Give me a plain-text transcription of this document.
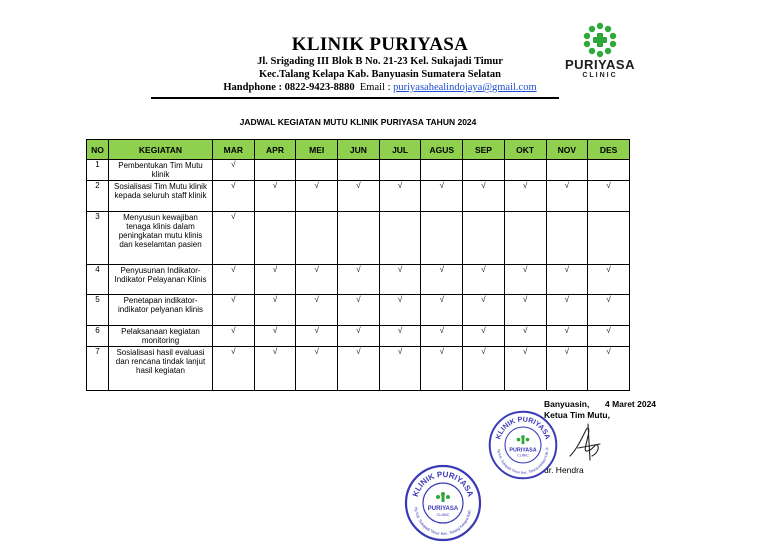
KLINIK PURIYASA
Jl. Srigading III Blok B No. 21-23 Kel. Sukajadi Timur
Kec.Talang Kelapa Kab. Banyuasin Sumatera Selatan
Handphone : 0822-9423-8880 Email : puriyasahealindojaya@gmail.com
PURIYASA
CLINIC
JADWAL KEGIATAN MUTU KLINIK PURIYASA TAHUN 2024
NO	KEGIATAN	MAR	APR	MEI	JUN	JUL	AGUS	SEP	OKT	NOV	DES
1	Pembentukan Tim Mutu klinik	√									
2	Sosialisasi Tim Mutu klinik kepada seluruh staff klinik	√	√	√	√	√	√	√	√	√	√
3	Menyusun kewajiban tenaga klinis dalam peningkatan mutu klinis dan keselamtan pasien	√									
4	Penyusunan Indikator-Indikator Pelayanan Klinis	√	√	√	√	√	√	√	√	√	√
5	Penetapan indikator-indikator pelyanan klinis	√	√	√	√	√	√	√	√	√	√
6	Pelaksanaan kegiatan monitoring	√	√	√	√	√	√	√	√	√	√
7	Sosialisasi hasil evaluasi dan rencana tindak lanjut hasil kegiatan	√	√	√	√	√	√	√	√	√	√
Banyuasin,	4 Maret 2024
Ketua Tim Mutu,
dr. Hendra
KLINIK PURIYASA
ng Kel. Sukajadi Timur Kec. Talang Kelapa Kab. B
PURIYASA
CLINIC
KLINIK PURIYASA
ng Kel. Sukajadi Timur Kec. Talang Kelapa Kab.
PURIYASA
CLINIC
